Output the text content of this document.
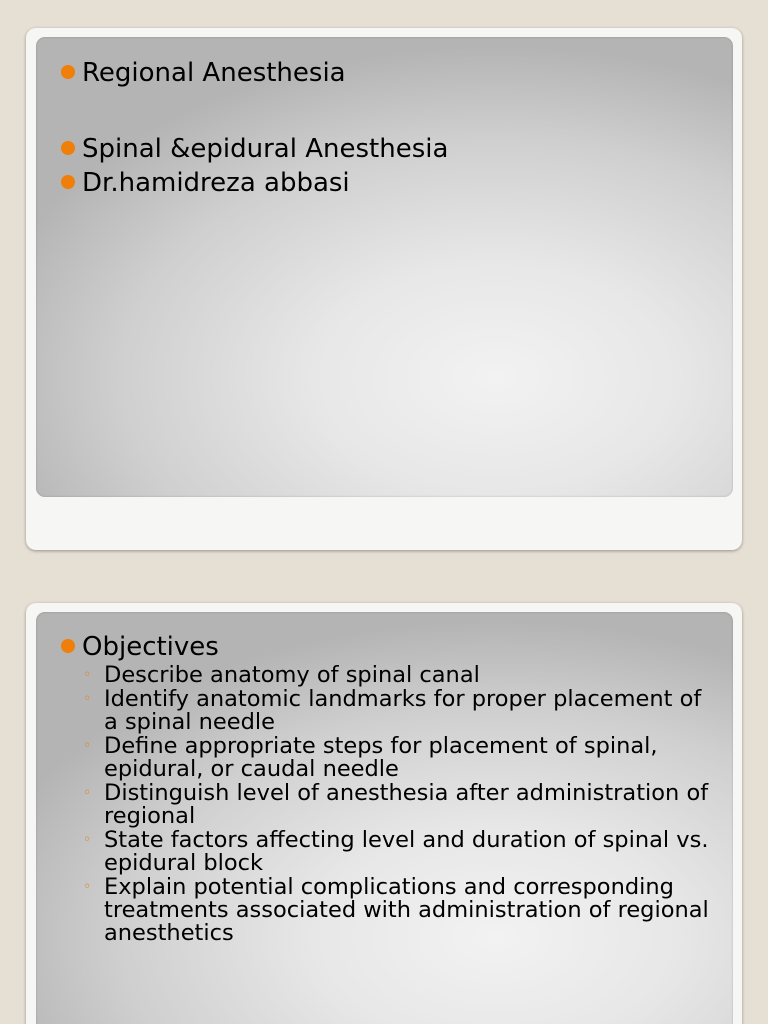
Regional Anesthesia
Spinal &epidural Anesthesia
Dr.hamidreza abbasi
Objectives
◦ Describe anatomy of spinal canal
◦ Identify anatomic landmarks for proper placement of a spinal needle
◦ Define appropriate steps for placement of spinal, epidural, or caudal needle
◦ Distinguish level of anesthesia after administration of regional
◦ State factors affecting level and duration of spinal vs. epidural block
◦ Explain potential complications and corresponding treatments associated with administration of regional anesthetics
